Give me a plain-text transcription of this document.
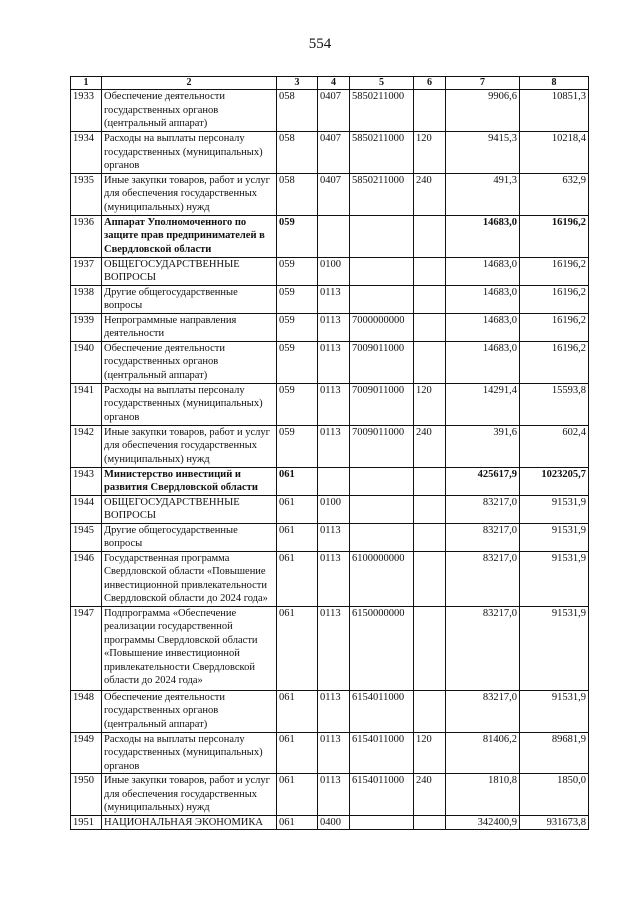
554
1	2	3	4	5	6	7	8
1933	Обеспечение деятельности государственных органов (центральный аппарат)	058	0407	5850211000		9906,6	10851,3
1934	Расходы на выплаты персоналу государственных (муниципальных) органов	058	0407	5850211000	120	9415,3	10218,4
1935	Иные закупки товаров, работ и услуг для обеспечения государственных (муниципальных) нужд	058	0407	5850211000	240	491,3	632,9
1936	Аппарат Уполномоченного по защите прав предпринимателей в Свердловской области	059				14683,0	16196,2
1937	ОБЩЕГОСУДАРСТВЕННЫЕ ВОПРОСЫ	059	0100			14683,0	16196,2
1938	Другие общегосударственные вопросы	059	0113			14683,0	16196,2
1939	Непрограммные направления деятельности	059	0113	7000000000		14683,0	16196,2
1940	Обеспечение деятельности государственных органов (центральный аппарат)	059	0113	7009011000		14683,0	16196,2
1941	Расходы на выплаты персоналу государственных (муниципальных) органов	059	0113	7009011000	120	14291,4	15593,8
1942	Иные закупки товаров, работ и услуг для обеспечения государственных (муниципальных) нужд	059	0113	7009011000	240	391,6	602,4
1943	Министерство инвестиций и развития Свердловской области	061				425617,9	1023205,7
1944	ОБЩЕГОСУДАРСТВЕННЫЕ ВОПРОСЫ	061	0100			83217,0	91531,9
1945	Другие общегосударственные вопросы	061	0113			83217,0	91531,9
1946	Государственная программа Свердловской области «Повышение инвестиционной привлекательности Свердловской области до 2024 года»	061	0113	6100000000		83217,0	91531,9
1947	Подпрограмма «Обеспечение реализации государственной программы Свердловской области «Повышение инвестиционной привлекательности Свердловской области до 2024 года»	061	0113	6150000000		83217,0	91531,9
1948	Обеспечение деятельности государственных органов (центральный аппарат)	061	0113	6154011000		83217,0	91531,9
1949	Расходы на выплаты персоналу государственных (муниципальных) органов	061	0113	6154011000	120	81406,2	89681,9
1950	Иные закупки товаров, работ и услуг для обеспечения государственных (муниципальных) нужд	061	0113	6154011000	240	1810,8	1850,0
1951	НАЦИОНАЛЬНАЯ ЭКОНОМИКА	061	0400			342400,9	931673,8
